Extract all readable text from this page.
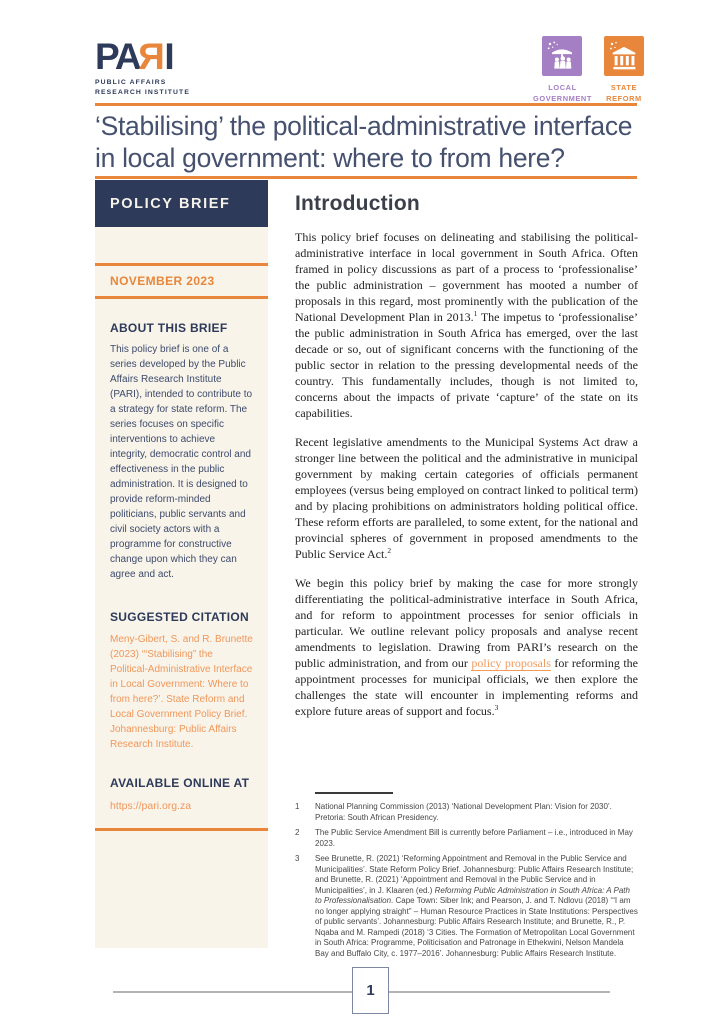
PARI
PUBLIC AFFAIRS
RESEARCH INSTITUTE
LOCAL
GOVERNMENT
STATE
REFORM
‘Stabilising’ the political-administrative interface in local government: where to from here?
POLICY BRIEF
NOVEMBER 2023
ABOUT THIS BRIEF
This policy brief is one of a series developed by the Public Affairs Research Institute (PARI), intended to contribute to a strategy for state reform. The series focuses on specific interventions to achieve integrity, democratic control and effectiveness in the public administration. It is designed to provide reform-minded politicians, public servants and civil society actors with a programme for constructive change upon which they can agree and act.
SUGGESTED CITATION
Meny-Gibert, S. and R. Brunette (2023) ‘“Stabilising” the Political-Administrative Interface in Local Government: Where to from here?’. State Reform and Local Government Policy Brief. Johannesburg: Public Affairs Research Institute.
AVAILABLE ONLINE AT
https://pari.org.za
Introduction

This policy brief focuses on delineating and stabilising the political-administrative interface in local government in South Africa. Often framed in policy discussions as part of a process to ‘professionalise’ the public administration – government has mooted a number of proposals in this regard, most prominently with the publication of the National Development Plan in 2013.$^1$ The impetus to ‘professionalise’ the public administration in South Africa has emerged, over the last decade or so, out of significant concerns with the functioning of the public sector in relation to the pressing developmental needs of the country. This fundamentally includes, though is not limited to, concerns about the impacts of private ‘capture’ of the state on its capabilities.

Recent legislative amendments to the Municipal Systems Act draw a stronger line between the political and the administrative in municipal government by making certain categories of officials permanent employees (versus being employed on contract linked to political term) and by placing prohibitions on administrators holding political office. These reform efforts are paralleled, to some extent, for the national and provincial spheres of government in proposed amendments to the Public Service Act.$^2$

We begin this policy brief by making the case for more strongly differentiating the political-administrative interface in South Africa, and for reform to appointment processes for senior officials in particular. We outline relevant policy proposals and analyse recent amendments to legislation. Drawing from PARI’s research on the public administration, and from our policy proposals for reforming the appointment processes for municipal officials, we then explore the challenges the state will encounter in implementing reforms and explore future areas of support and focus.$^3$

1	National Planning Commission (2013) ‘National Development Plan: Vision for 2030’. Pretoria: South African Presidency.
2	The Public Service Amendment Bill is currently before Parliament – i.e., introduced in May 2023.
3	See Brunette, R. (2021) ‘Reforming Appointment and Removal in the Public Service and Municipalities’. State Reform Policy Brief. Johannesburg: Public Affairs Research Institute; and Brunette, R. (2021) ‘Appointment and Removal in the Public Service and in Municipalities’, in J. Klaaren (ed.) Reforming Public Administration in South Africa: A Path to Professionalisation. Cape Town: Siber Ink; and Pearson, J. and T. Ndlovu (2018) ‘“I am no longer applying straight” – Human Resource Practices in State Institutions: Perspectives of public servants’. Johannesburg: Public Affairs Research Institute; and Brunette, R., P. Nqaba and M. Rampedi (2018) ‘3 Cities. The Formation of Metropolitan Local Government in South Africa: Programme, Politicisation and Patronage in Ethekwini, Nelson Mandela Bay and Buffalo City, c. 1977–2016’. Johannesburg: Public Affairs Research Institute.
1
